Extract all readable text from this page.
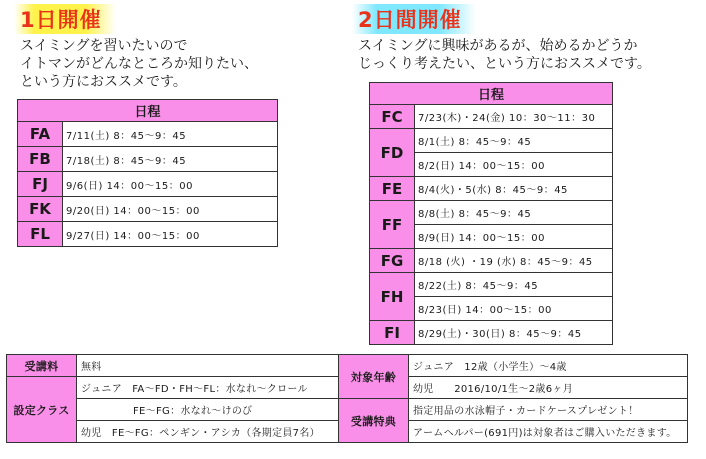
1日開催
スイミングを習いたいので
イトマンがどんなところか知りたい、
という方におススメです。
日程	
FA	7/11(土) 8：45～9：45
FB	7/18(土) 8：45～9：45
FJ	9/6(日) 14：00～15：00
FK	9/20(日) 14：00～15：00
FL	9/27(日) 14：00～15：00
2日間開催
スイミングに興味があるが、始めるかどうか
じっくり考えたい、という方におススメです。
日程	
FC	7/23(木)・24(金) 10：30～11：30
FD	8/1(土) 8：45～9：45
	8/2(日) 14：00～15：00
FE	8/4(火)・5(水) 8：45～9：45
FF	8/8(土) 8：45～9：45
	8/9(日) 14：00～15：00
FG	8/18 (火) ・19 (水) 8：45～9：45
FH	8/22(土) 8：45～9：45
	8/23(日) 14：00～15：00
FI	8/29(土)・30(日) 8：45～9：45
受講料	無料	対象年齢	ジュニア　12歳（小学生）～4歳
設定クラス	ジュニア　FA～FD・FH～FL：水なれ～クロール		幼児　　2016/10/1生～2歳6ヶ月
	FE～FG：水なれ～けのび	受講特典	指定用品の水泳帽子・カードケースプレゼント！
	幼児　FE～FG：ペンギン・アシカ（各期定員7名）		アームヘルパー(691円)は対象者はご購入いただきます。
